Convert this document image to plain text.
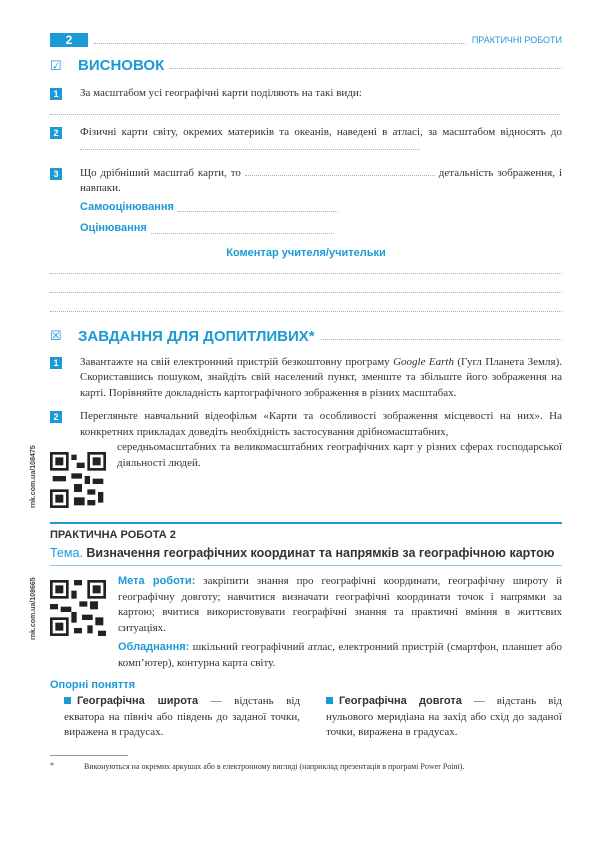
2	ПРАКТИЧНІ РОБОТИ
☑	ВИСНОВОК
1	За масштабом усі географічні карти поділяють на такі види:
2	Фізичні карти світу, окремих материків та океанів, наведені в атласі, за масштабом відносять до
3	Що дрібніший масштаб карти, то	детальність зображення, і навпаки.
Самооцінювання
Оцінювання
Коментар учителя/учительки
☒	ЗАВДАННЯ ДЛЯ ДОПИТЛИВИХ*
1	Завантажте на свій електронний пристрій безкоштовну програму Google Earth (Гугл Планета Земля). Скориставшись пошуком, знайдіть свій населений пункт, зменште та збільште його зображення на карті. Порівняйте докладність картографічного зображення в різних масштабах.
2	Перегляньте навчальний відеофільм «Карти та особливості зображення місцевості на них». На конкретних прикладах доведіть необхідність застосування дрібномасштабних,
rnk.com.ua/108475	середньомасштабних та великомасштабних географічних карт у різних сферах господарської діяльності людей.
ПРАКТИЧНА РОБОТА 2
Тема. Визначення географічних координат та напрямків за географічною картою
rnk.com.ua/108665	Мета роботи: закріпити знання про географічні координати, географічну широту й географічну довготу; навчитися визначати географічні координати точок і напрямки за картою; вчитися використовувати географічні знання та практичні вміння в життєвих ситуаціях.
Обладнання: шкільний географічний атлас, електронний пристрій (смартфон, планшет або комп’ютер), контурна карта світу.
Опорні поняття
Географічна широта — відстань від екватора на північ або південь до заданої точки, виражена в градусах.
Географічна довгота — відстань від нульового меридіана на захід або схід до заданої точки, виражена в градусах.
*	Виконуються на окремих аркушах або в електронному вигляді (наприклад презентація в програмі Power Point).
